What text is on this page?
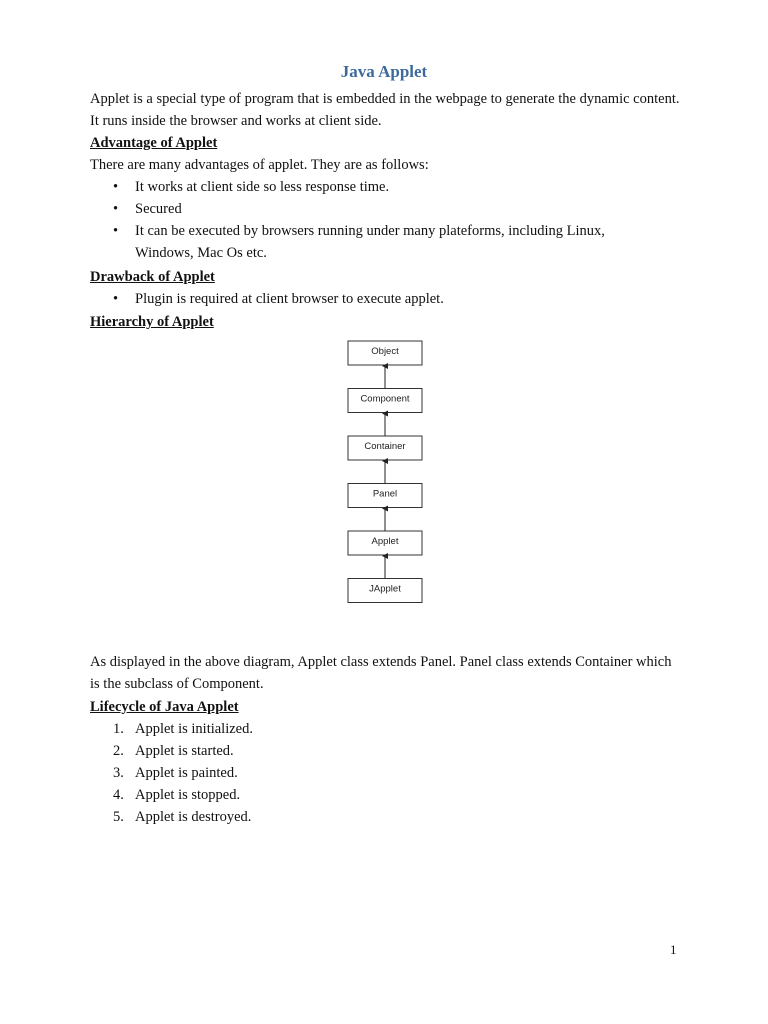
Java Applet

Applet is a special type of program that is embedded in the webpage to generate the dynamic content. It runs inside the browser and works at client side.

Advantage of Applet

There are many advantages of applet. They are as follows:

• It works at client side so less response time.
• Secured
• It can be executed by browsers running under many plateforms, including Linux, Windows, Mac Os etc.

Drawback of Applet

• Plugin is required at client browser to execute applet.

Hierarchy of Applet

Object
Component
Container
Panel
Applet
JApplet

As displayed in the above diagram, Applet class extends Panel. Panel class extends Container which is the subclass of Component.

Lifecycle of Java Applet

1. Applet is initialized.
2. Applet is started.
3. Applet is painted.
4. Applet is stopped.
5. Applet is destroyed.
1
